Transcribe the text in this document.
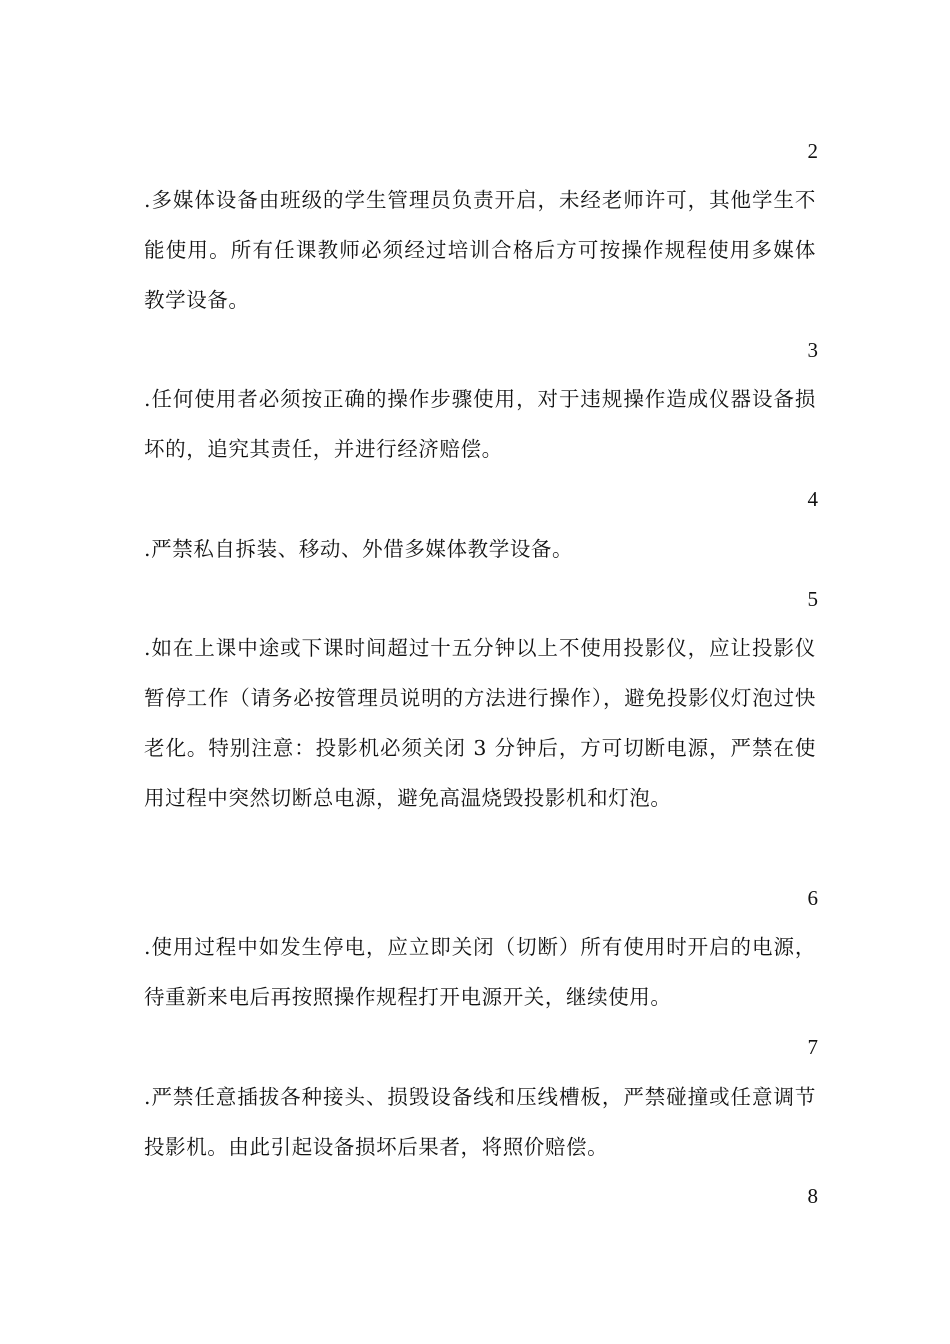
2

.多媒体设备由班级的学生管理员负责开启，未经老师许可，其他学生不能使用。所有任课教师必须经过培训合格后方可按操作规程使用多媒体教学设备。

3

.任何使用者必须按正确的操作步骤使用，对于违规操作造成仪器设备损坏的，追究其责任，并进行经济赔偿。

4

.严禁私自拆装、移动、外借多媒体教学设备。

5

.如在上课中途或下课时间超过十五分钟以上不使用投影仪，应让投影仪暂停工作（请务必按管理员说明的方法进行操作），避免投影仪灯泡过快老化。特别注意：投影机必须关闭 3 分钟后，方可切断电源，严禁在使用过程中突然切断总电源，避免高温烧毁投影机和灯泡。

6

.使用过程中如发生停电，应立即关闭（切断）所有使用时开启的电源，待重新来电后再按照操作规程打开电源开关，继续使用。

7

.严禁任意插拔各种接头、损毁设备线和压线槽板，严禁碰撞或任意调节投影机。由此引起设备损坏后果者，将照价赔偿。

8
